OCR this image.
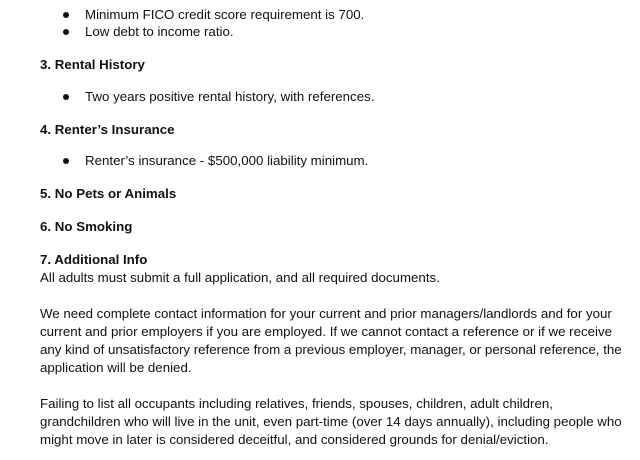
Minimum FICO credit score requirement is 700.

Low debt to income ratio.

3. Rental History

Two years positive rental history, with references.

4. Renter’s Insurance

Renter’s insurance - $500,000 liability minimum.

5. No Pets or Animals

6. No Smoking

7. Additional Info

All adults must submit a full application, and all required documents.

We need complete contact information for your current and prior managers/landlords and for your current and prior employers if you are employed. If we cannot contact a reference or if we receive any kind of unsatisfactory reference from a previous employer, manager, or personal reference, the application will be denied.

Failing to list all occupants including relatives, friends, spouses, children, adult children, grandchildren who will live in the unit, even part-time (over 14 days annually), including people who might move in later is considered deceitful, and considered grounds for denial/eviction.
